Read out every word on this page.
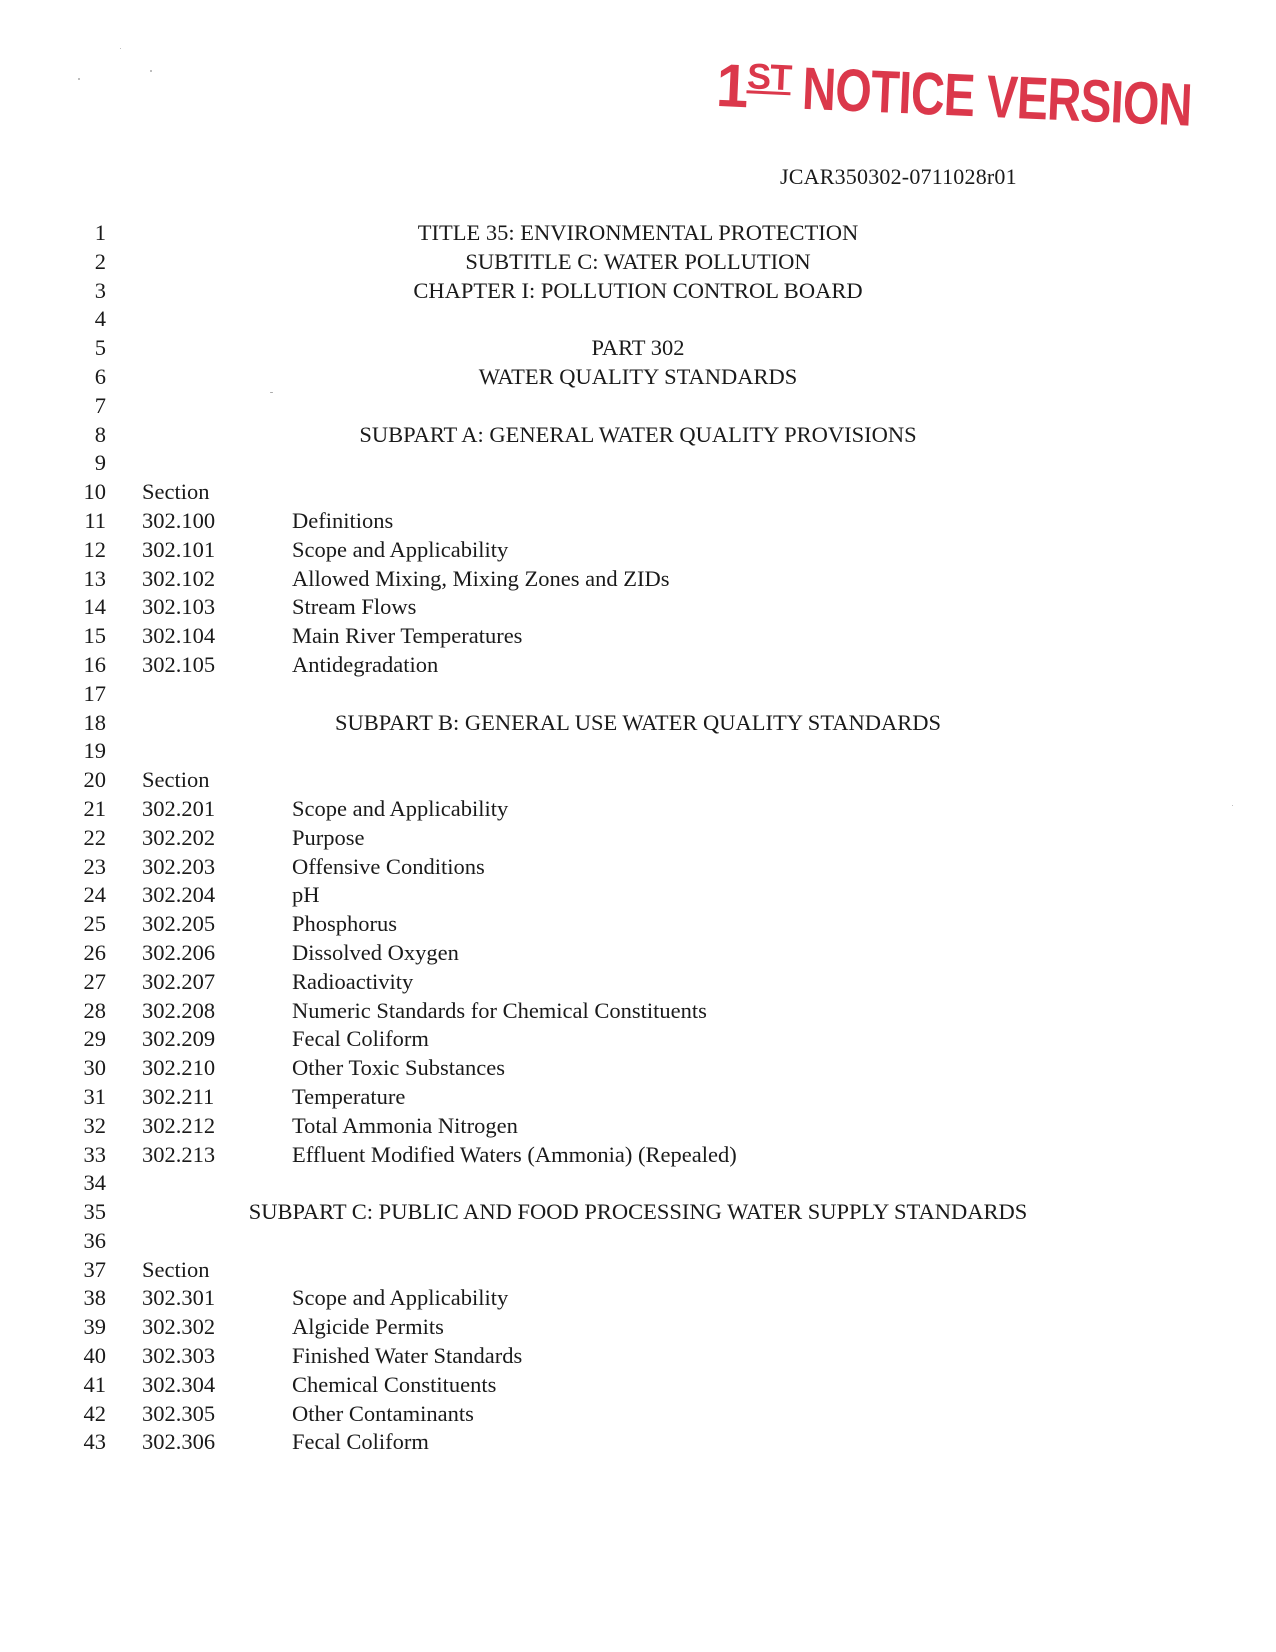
1ST NOTICE VERSION
JCAR350302-0711028r01
1	TITLE 35: ENVIRONMENTAL PROTECTION
2	SUBTITLE C: WATER POLLUTION
3	CHAPTER I: POLLUTION CONTROL BOARD
4
5	PART 302
6	WATER QUALITY STANDARDS
7
8	SUBPART A: GENERAL WATER QUALITY PROVISIONS
9
10 Section
11 302.100	Definitions
12 302.101	Scope and Applicability
13 302.102	Allowed Mixing, Mixing Zones and ZIDs
14 302.103	Stream Flows
15 302.104	Main River Temperatures
16 302.105	Antidegradation
17
18	SUBPART B: GENERAL USE WATER QUALITY STANDARDS
19
20 Section
21 302.201	Scope and Applicability
22 302.202	Purpose
23 302.203	Offensive Conditions
24 302.204	pH
25 302.205	Phosphorus
26 302.206	Dissolved Oxygen
27 302.207	Radioactivity
28 302.208	Numeric Standards for Chemical Constituents
29 302.209	Fecal Coliform
30 302.210	Other Toxic Substances
31 302.211	Temperature
32 302.212	Total Ammonia Nitrogen
33 302.213	Effluent Modified Waters (Ammonia) (Repealed)
34
35	SUBPART C: PUBLIC AND FOOD PROCESSING WATER SUPPLY STANDARDS
36
37 Section
38 302.301	Scope and Applicability
39 302.302	Algicide Permits
40 302.303	Finished Water Standards
41 302.304	Chemical Constituents
42 302.305	Other Contaminants
43 302.306	Fecal Coliform
